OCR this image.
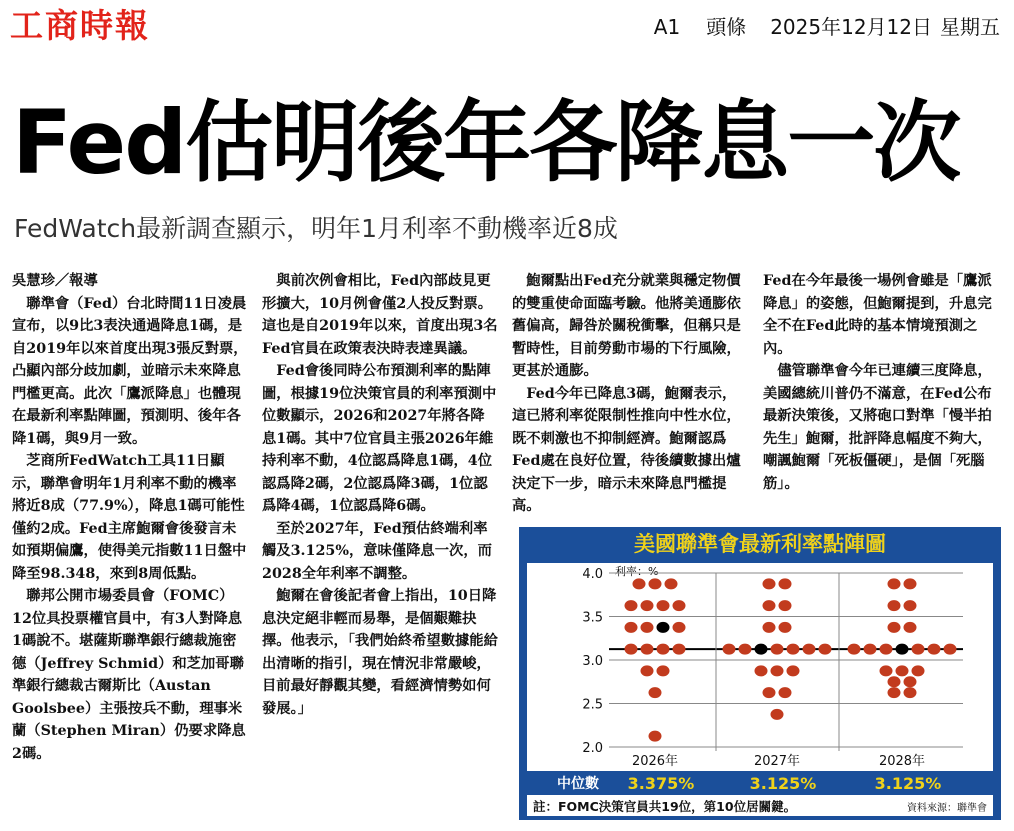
工商時報	A1 頭條 2025年12月12日 星期五
Fed估明後年各降息一次
FedWatch最新調查顯示，明年1月利率不動機率近8成

吳慧珍／報導

聯準會（Fed）台北時間11日凌晨宣布，以9比3表決通過降息1碼，是自2019年以來首度出現3張反對票，凸顯內部分歧加劇，並暗示未來降息門檻更高。此次「鷹派降息」也體現在最新利率點陣圖，預測明、後年各降1碼，與9月一致。

芝商所FedWatch工具11日顯示，聯準會明年1月利率不動的機率將近8成（77.9%），降息1碼可能性僅約2成。Fed主席鮑爾會後發言未如預期偏鷹，使得美元指數11日盤中降至98.348，來到8周低點。

聯邦公開市場委員會（FOMC）12位具投票權官員中，有3人對降息1碼說不。堪薩斯聯準銀行總裁施密德（Jeffrey Schmid）和芝加哥聯準銀行總裁古爾斯比（Austan Goolsbee）主張按兵不動，理事米蘭（Stephen Miran）仍要求降息2碼。

與前次例會相比，Fed內部歧見更形擴大，10月例會僅2人投反對票。這也是自2019年以來，首度出現3名Fed官員在政策表決時表達異議。

Fed會後同時公布預測利率的點陣圖，根據19位決策官員的利率預測中位數顯示，2026和2027年將各降息1碼。其中7位官員主張2026年維持利率不動，4位認爲降息1碼，4位認爲降2碼，2位認爲降3碼，1位認爲降4碼，1位認爲降6碼。

至於2027年，Fed預估終端利率觸及3.125%，意味僅降息一次，而2028全年利率不調整。

鮑爾在會後記者會上指出，10日降息決定絕非輕而易舉，是個艱難抉擇。他表示，「我們始終希望數據能給出清晰的指引，現在情況非常嚴峻，目前最好靜觀其變，看經濟情勢如何發展。」

鮑爾點出Fed充分就業與穩定物價的雙重使命面臨考驗。他將美通膨依舊偏高，歸咎於關稅衝擊，但稱只是暫時性，目前勞動市場的下行風險，更甚於通膨。

Fed今年已降息3碼，鮑爾表示，這已將利率從限制性推向中性水位，既不刺激也不抑制經濟。鮑爾認爲Fed處在良好位置，待後續數據出爐決定下一步，暗示未來降息門檻提高。

Fed在今年最後一場例會雖是「鷹派降息」的姿態，但鮑爾提到，升息完全不在Fed此時的基本情境預測之內。

儘管聯準會今年已連續三度降息，美國總統川普仍不滿意，在Fed公布最新決策後，又將砲口對準「慢半拍先生」鮑爾，批評降息幅度不夠大，嘲諷鮑爾「死板僵硬」，是個「死腦筋」。

美國聯準會最新利率點陣圖
利率：%
4.0
3.5
3.0
2.5
2.0
2026年	2027年	2028年
中位數 3.375%	3.125%	3.125%
註：FOMC決策官員共19位，第10位居關鍵。	資料來源：聯準會
